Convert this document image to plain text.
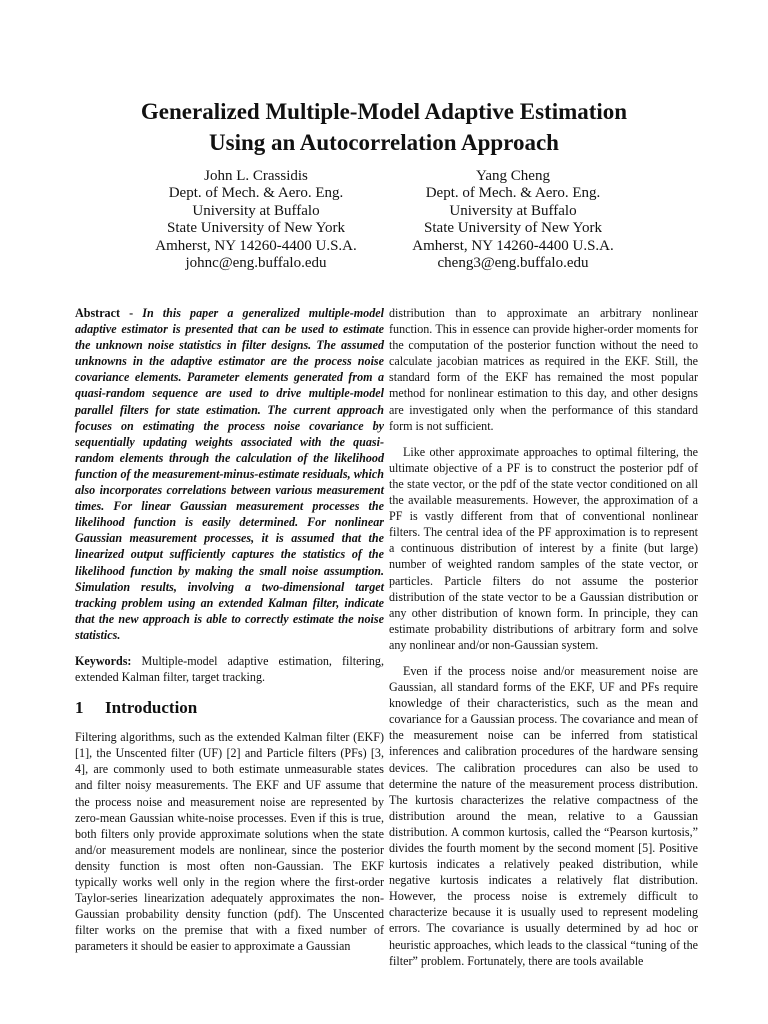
Generalized Multiple-Model Adaptive Estimation
Using an Autocorrelation Approach
John L. Crassidis
Dept. of Mech. & Aero. Eng.
University at Buffalo
State University of New York
Amherst, NY 14260-4400 U.S.A.
johnc@eng.buffalo.edu
Yang Cheng
Dept. of Mech. & Aero. Eng.
University at Buffalo
State University of New York
Amherst, NY 14260-4400 U.S.A.
cheng3@eng.buffalo.edu

Abstract - In this paper a generalized multiple-model adaptive estimator is presented that can be used to estimate the unknown noise statistics in filter designs. The assumed unknowns in the adaptive estimator are the process noise covariance elements. Parameter elements generated from a quasi-random sequence are used to drive multiple-model parallel filters for state estimation. The current approach focuses on estimating the process noise covariance by sequentially updating weights associated with the quasi-random elements through the calculation of the likelihood function of the measurement-minus-estimate residuals, which also incorporates correlations between various measurement times. For linear Gaussian measurement processes the likelihood function is easily determined. For nonlinear Gaussian measurement processes, it is assumed that the linearized output sufficiently captures the statistics of the likelihood function by making the small noise assumption. Simulation results, involving a two-dimensional target tracking problem using an extended Kalman filter, indicate that the new approach is able to correctly estimate the noise statistics.

Keywords: Multiple-model adaptive estimation, filtering, extended Kalman filter, target tracking.

1 Introduction

Filtering algorithms, such as the extended Kalman filter (EKF) [1], the Unscented filter (UF) [2] and Particle filters (PFs) [3, 4], are commonly used to both estimate unmeasurable states and filter noisy measurements. The EKF and UF assume that the process noise and measurement noise are represented by zero-mean Gaussian white-noise processes. Even if this is true, both filters only provide approximate solutions when the state and/or measurement models are nonlinear, since the posterior density function is most often non-Gaussian. The EKF typically works well only in the region where the first-order Taylor-series linearization adequately approximates the non-Gaussian probability density function (pdf). The Unscented filter works on the premise that with a fixed number of parameters it should be easier to approximate a Gaussian

distribution than to approximate an arbitrary nonlinear function. This in essence can provide higher-order moments for the computation of the posterior function without the need to calculate jacobian matrices as required in the EKF. Still, the standard form of the EKF has remained the most popular method for nonlinear estimation to this day, and other designs are investigated only when the performance of this standard form is not sufficient.

Like other approximate approaches to optimal filtering, the ultimate objective of a PF is to construct the posterior pdf of the state vector, or the pdf of the state vector conditioned on all the available measurements. However, the approximation of a PF is vastly different from that of conventional nonlinear filters. The central idea of the PF approximation is to represent a continuous distribution of interest by a finite (but large) number of weighted random samples of the state vector, or particles. Particle filters do not assume the posterior distribution of the state vector to be a Gaussian distribution or any other distribution of known form. In principle, they can estimate probability distributions of arbitrary form and solve any nonlinear and/or non-Gaussian system.

Even if the process noise and/or measurement noise are Gaussian, all standard forms of the EKF, UF and PFs require knowledge of their characteristics, such as the mean and covariance for a Gaussian process. The covariance and mean of the measurement noise can be inferred from statistical inferences and calibration procedures of the hardware sensing devices. The calibration procedures can also be used to determine the nature of the measurement process distribution. The kurtosis characterizes the relative compactness of the distribution around the mean, relative to a Gaussian distribution. A common kurtosis, called the “Pearson kurtosis,” divides the fourth moment by the second moment [5]. Positive kurtosis indicates a relatively peaked distribution, while negative kurtosis indicates a relatively flat distribution. However, the process noise is extremely difficult to characterize because it is usually used to represent modeling errors. The covariance is usually determined by ad hoc or heuristic approaches, which leads to the classical “tuning of the filter” problem. Fortunately, there are tools available
